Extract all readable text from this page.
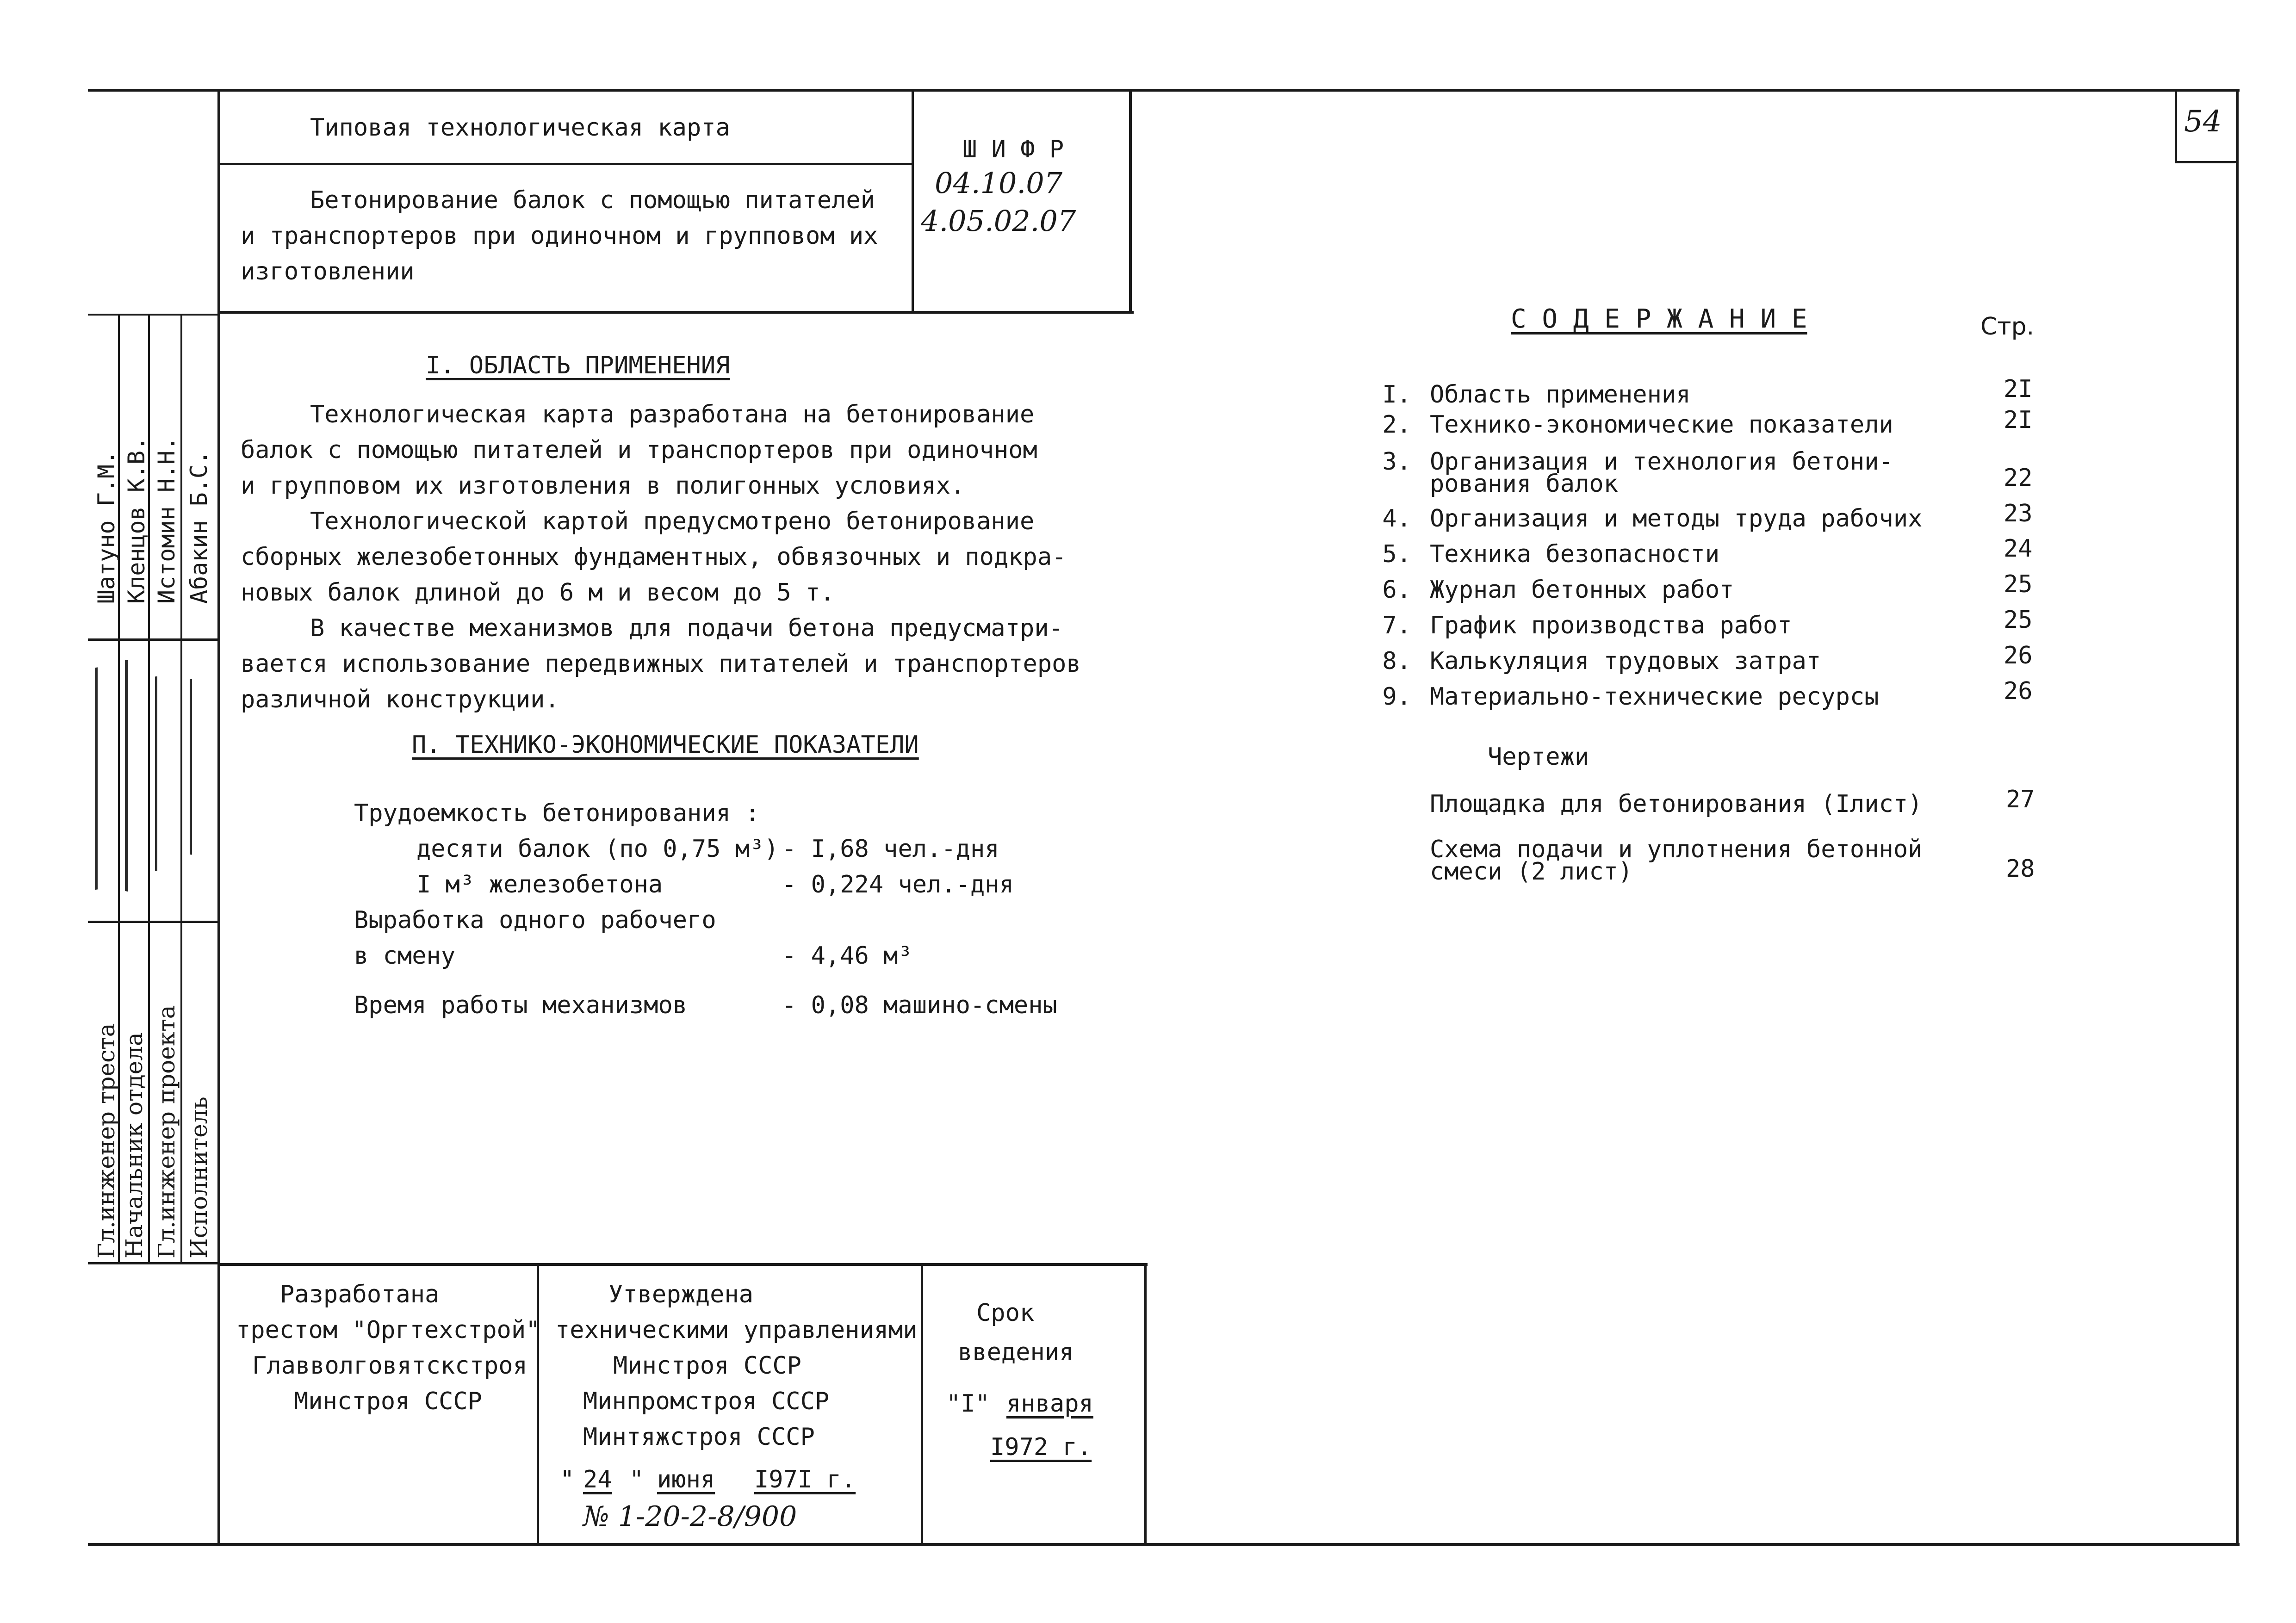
54
Типовая технологическая карта
Бетонирование балок с помощью питателей
и транспортеров при одиночном и групповом их
изготовлении
Ш И Ф Р
04.10.07
4.05.02.07
I. ОБЛАСТЬ ПРИМЕНЕНИЯ
Технологическая карта разработана на бетонирование
балок с помощью питателей и транспортеров при одиночном
и групповом их изготовления в полигонных условиях.
Технологической картой предусмотрено бетонирование
сборных железобетонных фундаментных, обвязочных и подкра-
новых балок длиной до 6 м и весом до 5 т.
В качестве механизмов для подачи бетона предусматри-
вается использование передвижных питателей и транспортеров
различной конструкции.
П. ТЕХНИКО-ЭКОНОМИЧЕСКИЕ ПОКАЗАТЕЛИ
Трудоемкость бетонирования :
десяти балок (по 0,75 м³) - I,68 чел.-дня
I м³ железобетона	- 0,224 чел.-дня
Выработка одного рабочего
в смену	- 4,46 м³
Время работы механизмов	- 0,08 машино-смены
С О Д Е Р Ж А Н И Е	Стр.
I. Область применения	2I
2. Технико-экономические показатели	2I
3. Организация и технология бетони-
рования балок	22
4. Организация и методы труда рабочих	23
5. Техника безопасности	24
6. Журнал бетонных работ	25
7. График производства работ	25
8. Калькуляция трудовых затрат	26
9. Материально-технические ресурсы	26
Чертежи
Площадка для бетонирования (Iлист)	27
Схема подачи и уплотнения бетонной
смеси (2 лист)	28
Шатуно Г.М. Кленцов К.В. Истомин Н.Н. Абакин Б.С.
Гл.инженер треста Начальник отдела Гл.инженер проекта Исполнитель
Разработана
трестом "Оргтехстрой"
Главволговятскстроя
Минстроя СССР
Утверждена
техническими управлениями
Минстроя СССР
Минпромстроя СССР
Минтяжстроя СССР
" 24 " июня I97I г.
№ 1-20-2-8/900
Срок
введения
"I" января
I972 г.
